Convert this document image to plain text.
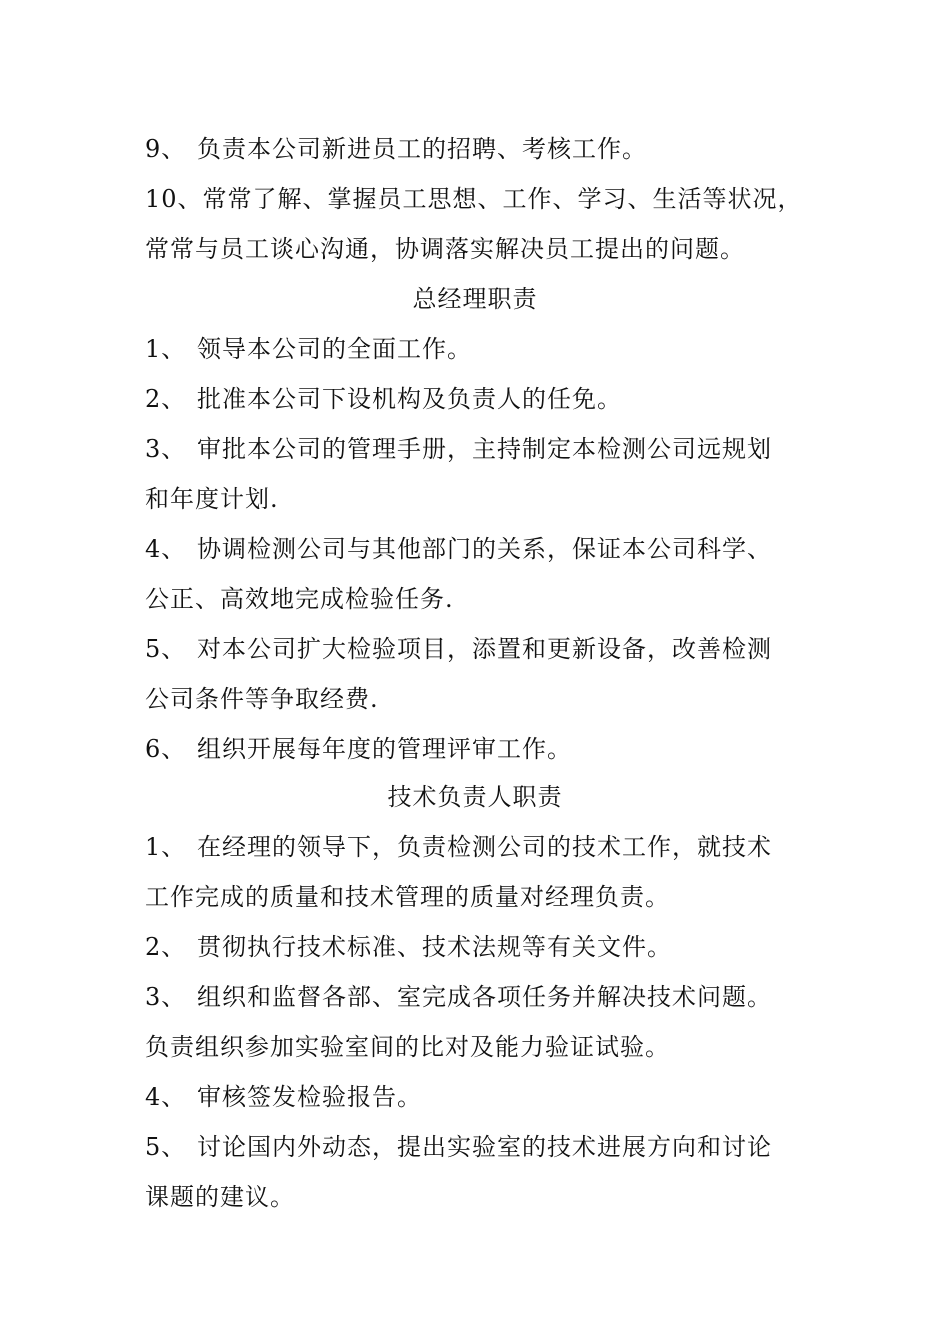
9、 负责本公司新进员工的招聘、考核工作。
10、常常了解、掌握员工思想、工作、学习、生活等状况，
常常与员工谈心沟通，协调落实解决员工提出的问题。
总经理职责
1、 领导本公司的全面工作。
2、 批准本公司下设机构及负责人的任免。
3、 审批本公司的管理手册，主持制定本检测公司远规划
和年度计划.
4、 协调检测公司与其他部门的关系，保证本公司科学、
公正、高效地完成检验任务.
5、 对本公司扩大检验项目，添置和更新设备，改善检测
公司条件等争取经费.
6、 组织开展每年度的管理评审工作。
技术负责人职责
1、 在经理的领导下，负责检测公司的技术工作，就技术
工作完成的质量和技术管理的质量对经理负责。
2、 贯彻执行技术标准、技术法规等有关文件。
3、 组织和监督各部、室完成各项任务并解决技术问题。
负责组织参加实验室间的比对及能力验证试验。
4、 审核签发检验报告。
5、 讨论国内外动态，提出实验室的技术进展方向和讨论
课题的建议。
